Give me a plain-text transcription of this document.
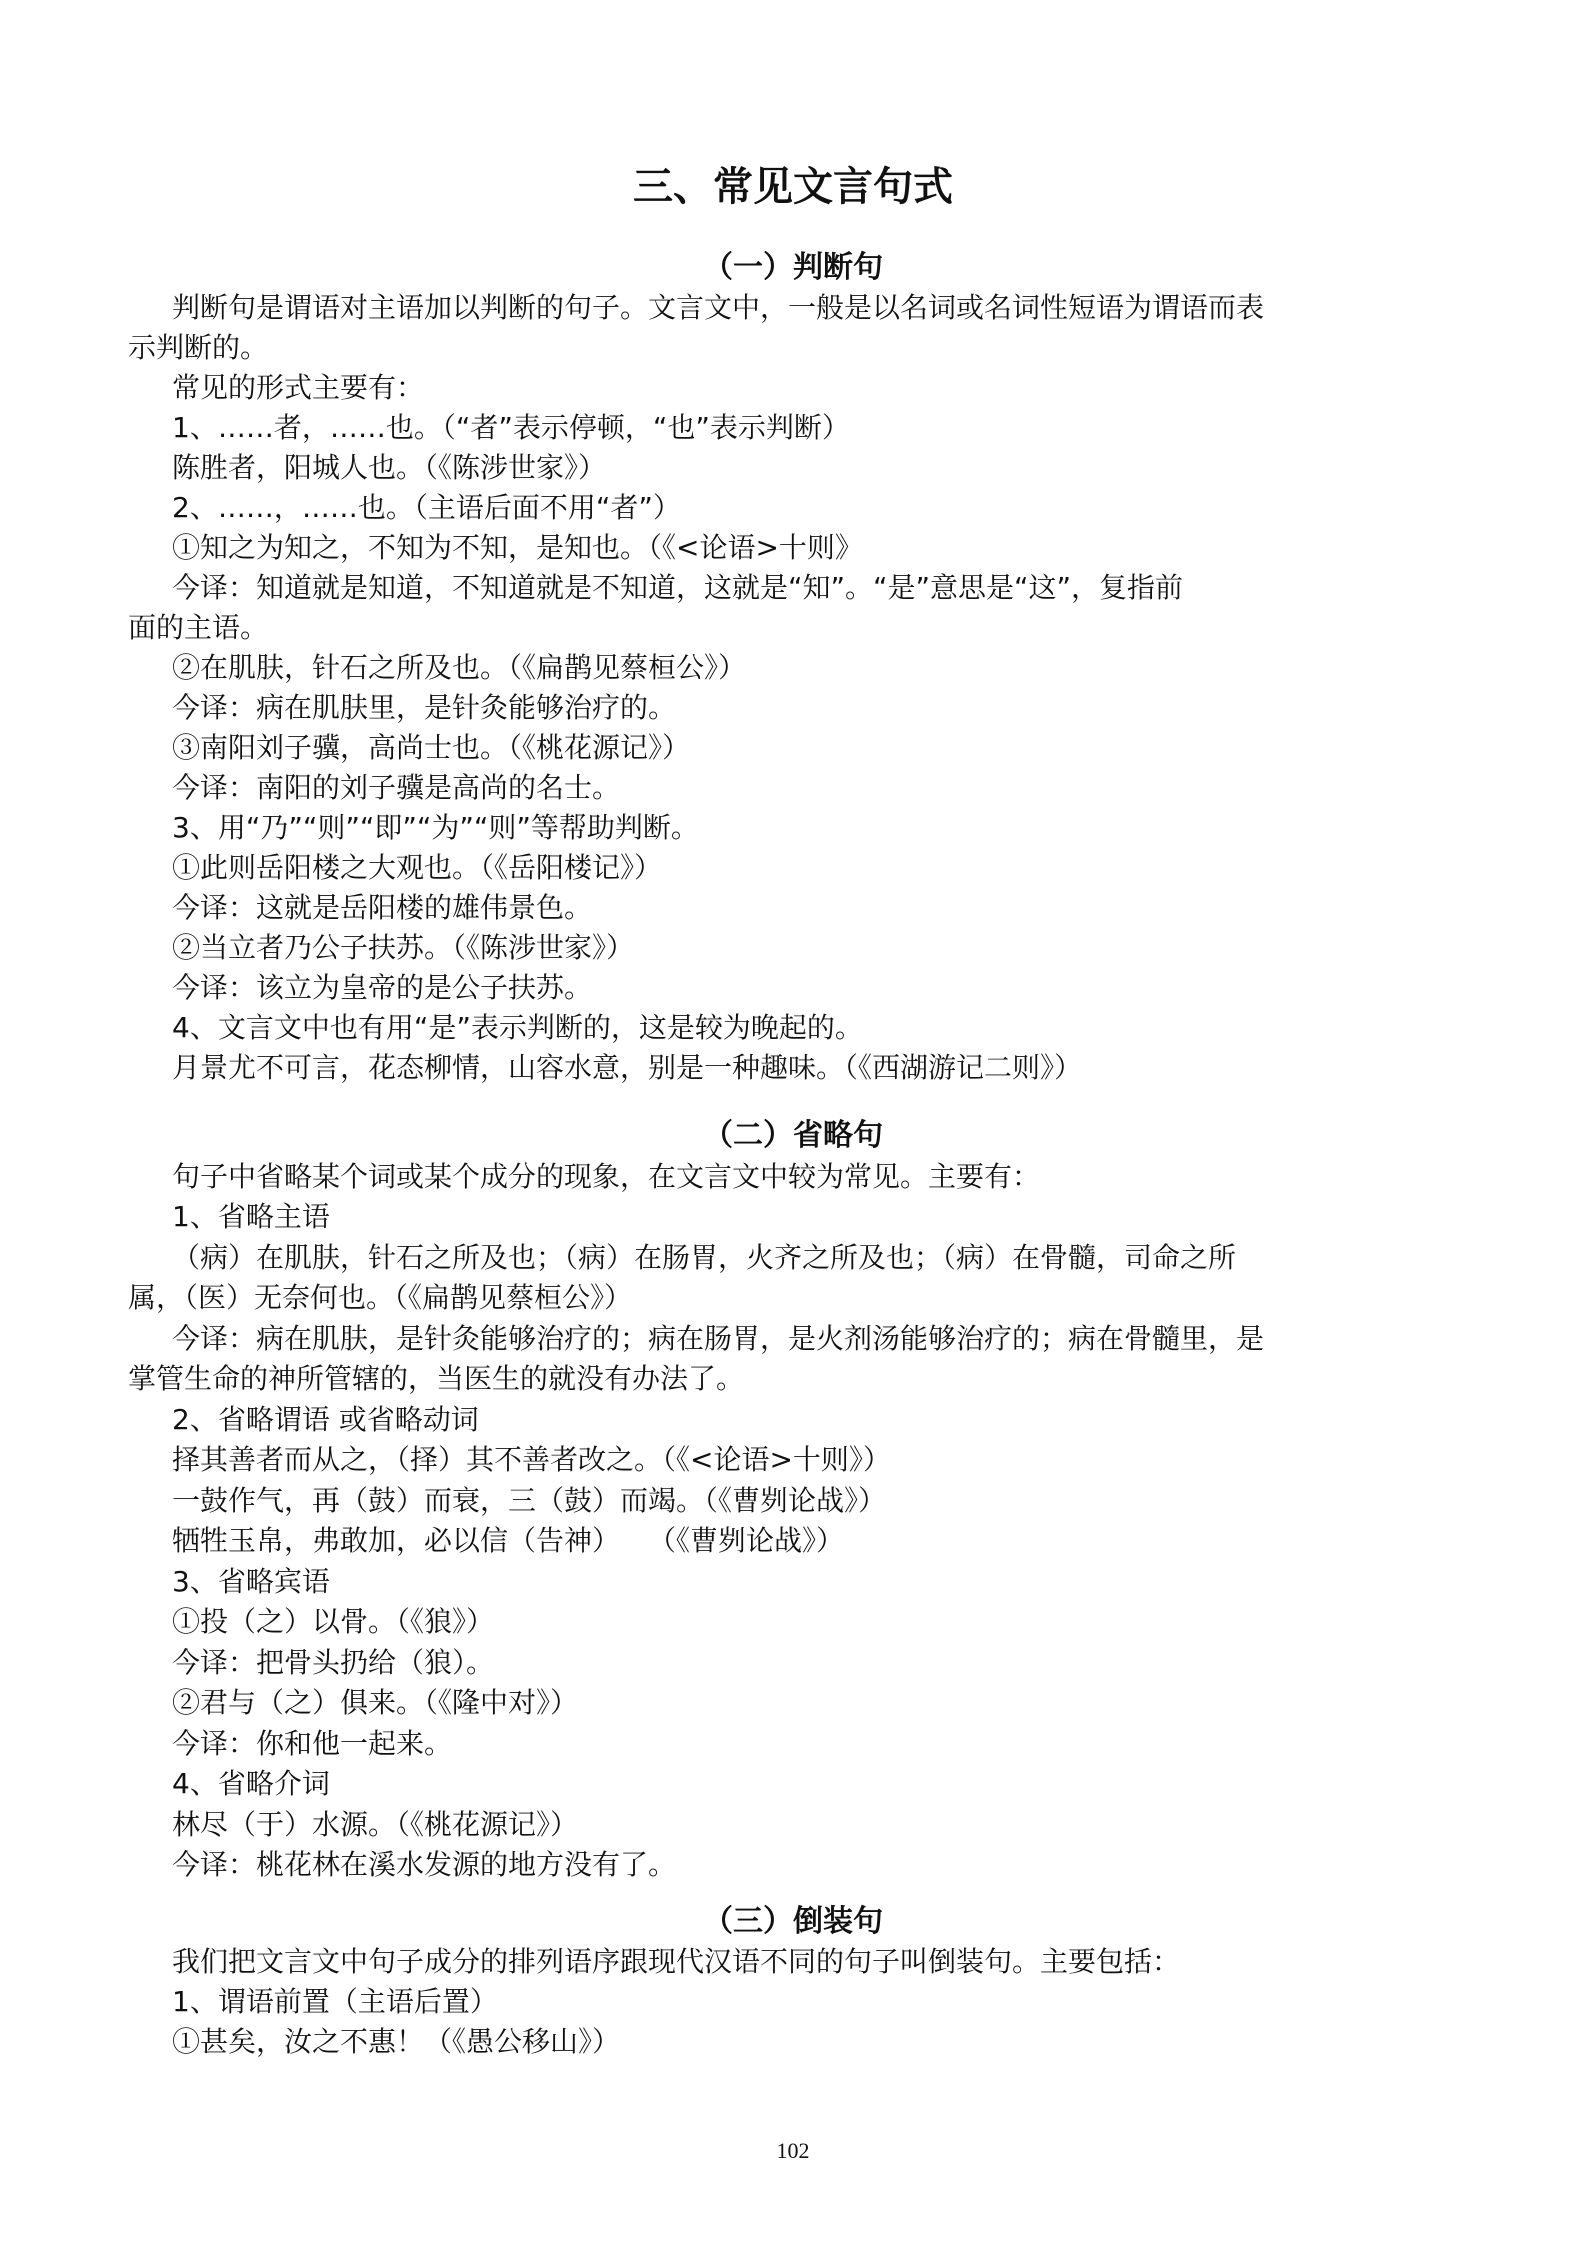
三、常见文言句式
（一）判断句
判断句是谓语对主语加以判断的句子。文言文中，一般是以名词或名词性短语为谓语而表
示判断的。
常见的形式主要有：
1、……者，……也。（“者”表示停顿，“也”表示判断）
陈胜者，阳城人也。（《陈涉世家》）
2、……，……也。（主语后面不用“者”）
①知之为知之，不知为不知，是知也。（《<论语>十则》
今译：知道就是知道，不知道就是不知道，这就是“知”。“是”意思是“这”，复指前
面的主语。
②在肌肤，针石之所及也。（《扁鹊见蔡桓公》）
今译：病在肌肤里，是针灸能够治疗的。
③南阳刘子骥，高尚士也。（《桃花源记》）
今译：南阳的刘子骥是高尚的名士。
3、用“乃”“则”“即”“为”“则”等帮助判断。
①此则岳阳楼之大观也。（《岳阳楼记》）
今译：这就是岳阳楼的雄伟景色。
②当立者乃公子扶苏。（《陈涉世家》）
今译：该立为皇帝的是公子扶苏。
4、文言文中也有用“是”表示判断的，这是较为晚起的。
月景尤不可言，花态柳情，山容水意，别是一种趣味。（《西湖游记二则》）
（二）省略句
句子中省略某个词或某个成分的现象，在文言文中较为常见。主要有：
1、省略主语
（病）在肌肤，针石之所及也；（病）在肠胃，火齐之所及也；（病）在骨髓，司命之所
属，（医）无奈何也。（《扁鹊见蔡桓公》）
今译：病在肌肤，是针灸能够治疗的；病在肠胃，是火剂汤能够治疗的；病在骨髓里，是
掌管生命的神所管辖的，当医生的就没有办法了。
2、省略谓语 或省略动词
择其善者而从之，（择）其不善者改之。（《<论语>十则》）
一鼓作气，再（鼓）而衰，三（鼓）而竭。（《曹刿论战》）
牺牲玉帛，弗敢加，必以信（告神）　　（《曹刿论战》）
3、省略宾语
①投（之）以骨。（《狼》）
今译：把骨头扔给（狼）。
②君与（之）俱来。（《隆中对》）
今译：你和他一起来。
4、省略介词
林尽（于）水源。（《桃花源记》）
今译：桃花林在溪水发源的地方没有了。
（三）倒装句
我们把文言文中句子成分的排列语序跟现代汉语不同的句子叫倒装句。主要包括：
1、谓语前置（主语后置）
①甚矣，汝之不惠！（《愚公移山》）
102
